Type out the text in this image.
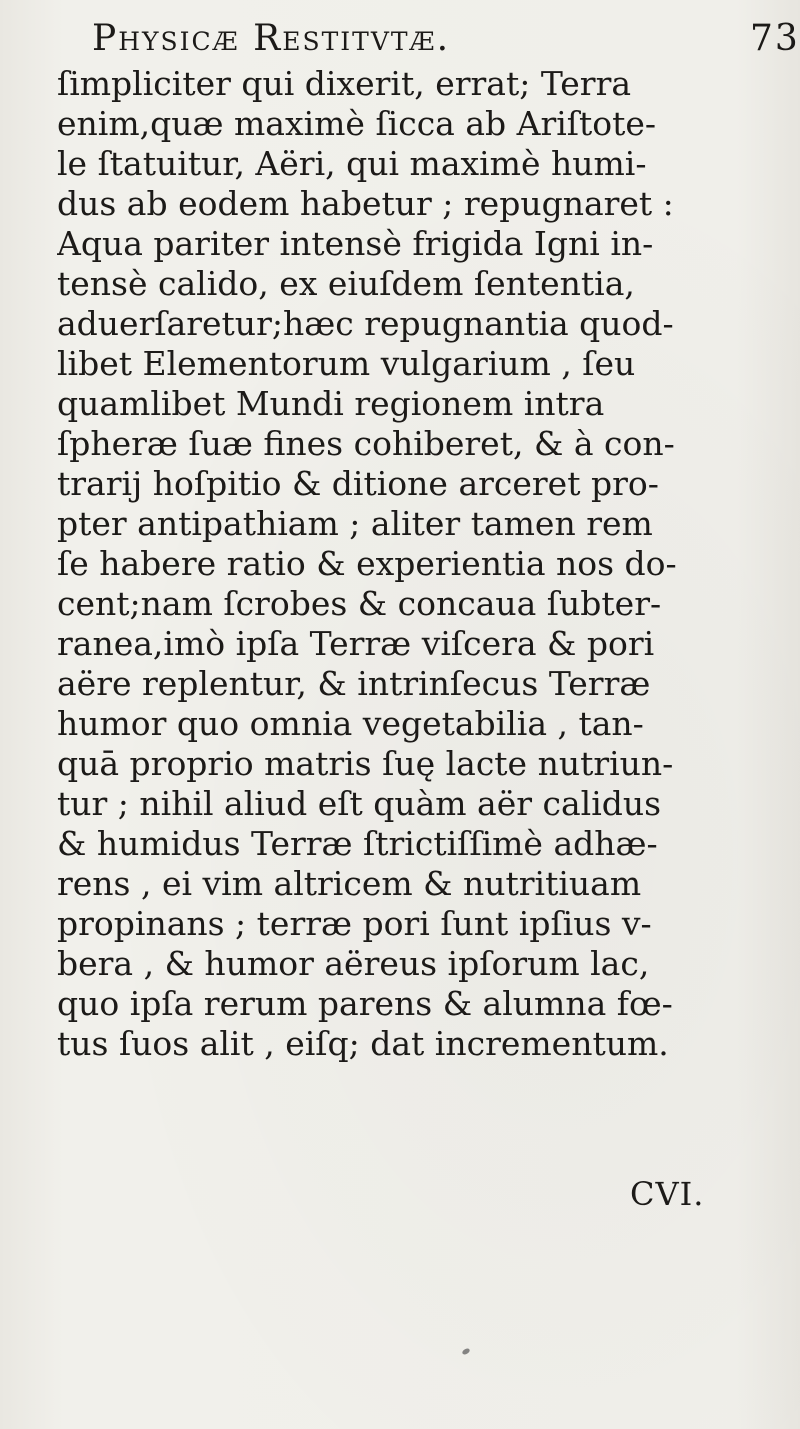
Physicæ Restitvtæ.	73
ſimpliciter qui dixerit, errat; Terra
enim,quæ maximè ſicca ab Ariſtote-
le ſtatuitur, Aëri, qui maximè humi-
dus ab eodem habetur ; repugnaret :
Aqua pariter intensè frigida Igni in-
tensè calido, ex eiuſdem ſententia,
aduerſaretur;hæc repugnantia quod-
libet Elementorum vulgarium , ſeu
quamlibet Mundi regionem intra
ſpheræ ſuæ fines cohiberet, & à con-
trarij hoſpitio & ditione arceret pro-
pter antipathiam ; aliter tamen rem
ſe habere ratio & experientia nos do-
cent;nam ſcrobes & concaua ſubter-
ranea,imò ipſa Terræ viſcera & pori
aëre replentur, & intrinſecus Terræ
humor quo omnia vegetabilia , tan-
quā proprio matris ſuę lacte nutriun-
tur ; nihil aliud eſt quàm aër calidus
& humidus Terræ ſtrictiſſimè adhæ-
rens , ei vim altricem & nutritiuam
propinans ; terræ pori ſunt ipſius v-
bera , & humor aëreus ipſorum lac,
quo ipſa rerum parens & alumna fœ-
tus ſuos alit , eiſq; dat incrementum.
CVI.
